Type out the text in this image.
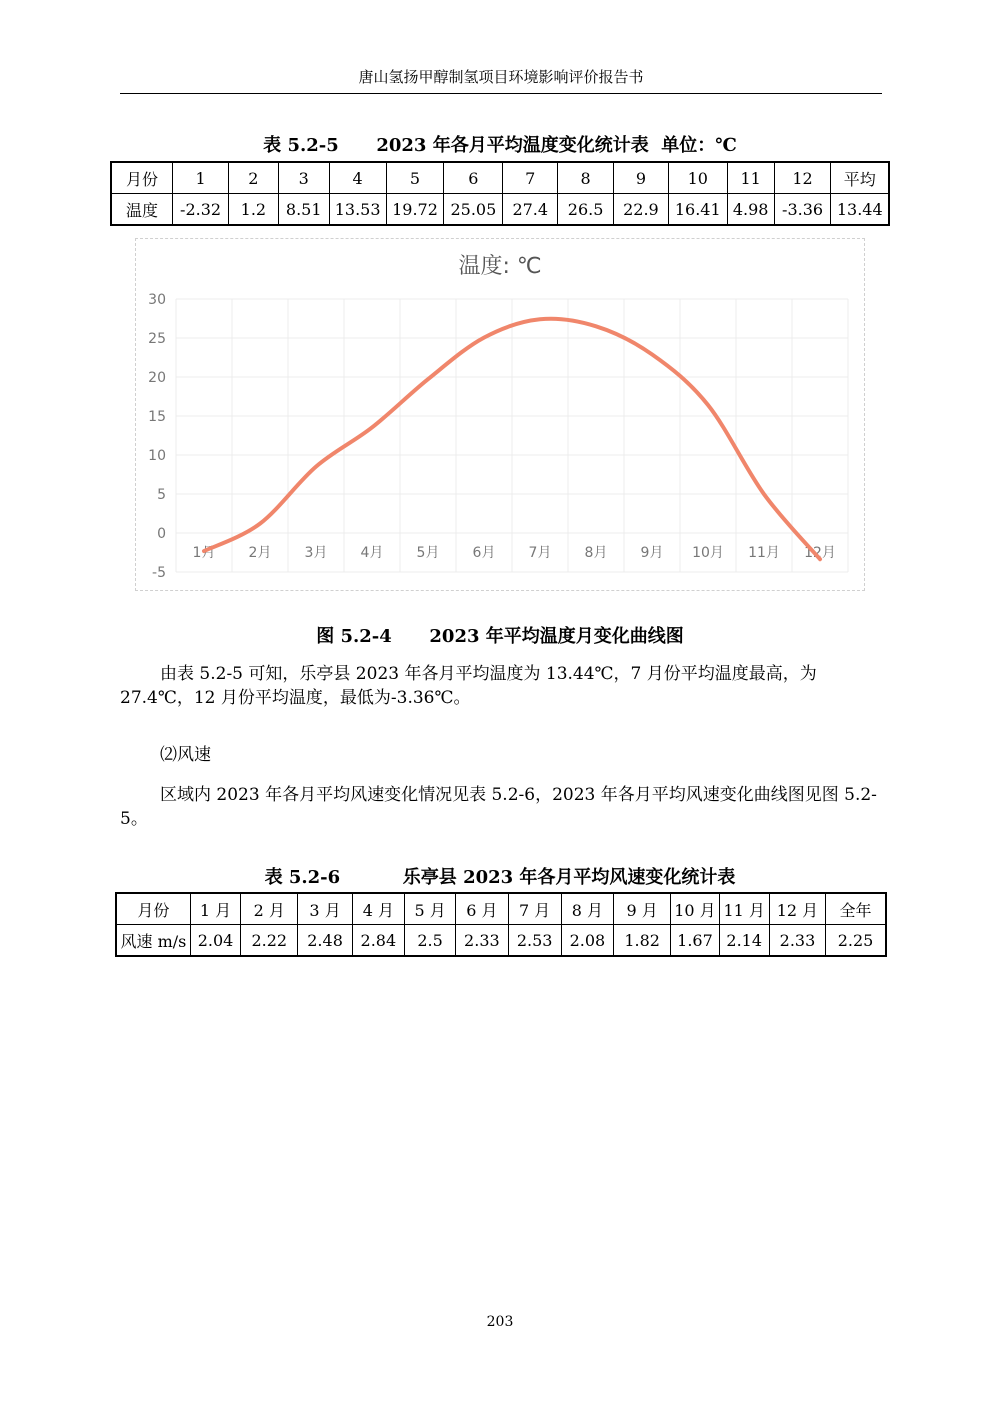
唐山氢扬甲醇制氢项目环境影响评价报告书
表 5.2-5      2023 年各月平均温度变化统计表  单位：℃
月份	1	2	3	4	5	6	7	8	9	10	11	12	平均
温度	-2.32	1.2	8.51	13.53	19.72	25.05	27.4	26.5	22.9	16.41	4.98	-3.36	13.44
温度: ℃
30
25
20
15
10
5
0
-5
1月 2月 3月 4月 5月 6月 7月 8月 9月 10月 11月 12月
图 5.2-4      2023 年平均温度月变化曲线图
由表 5.2-5 可知，乐亭县 2023 年各月平均温度为 13.44℃，7 月份平均温度最高，为 27.4℃，12 月份平均温度，最低为-3.36℃。
⑵风速
区域内 2023 年各月平均风速变化情况见表 5.2-6，2023 年各月平均风速变化曲线图见图 5.2-5。
表 5.2-6          乐亭县 2023 年各月平均风速变化统计表
月份	1 月	2 月	3 月	4 月	5 月	6 月	7 月	8 月	9 月	10 月	11 月	12 月	全年
风速 m/s	2.04	2.22	2.48	2.84	2.5	2.33	2.53	2.08	1.82	1.67	2.14	2.33	2.25
203
